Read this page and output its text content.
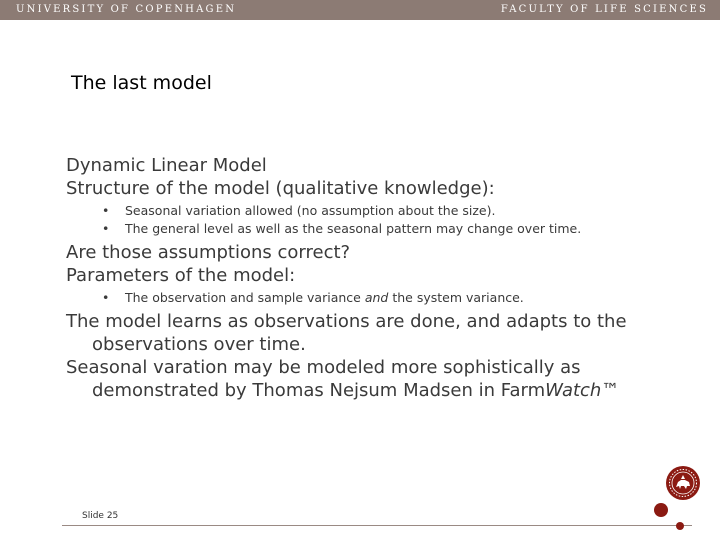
UNIVERSITY OF COPENHAGEN	FACULTY OF LIFE SCIENCES
The last model

Dynamic Linear Model

Structure of the model (qualitative knowledge):

• Seasonal variation allowed (no assumption about the size).
• The general level as well as the seasonal pattern may change over time.

Are those assumptions correct?

Parameters of the model:

• The observation and sample variance and the system variance.

The model learns as observations are done, and adapts to the observations over time.

Seasonal varation may be modeled more sophistically as demonstrated by Thomas Nejsum Madsen in FarmWatch™

Slide 25
